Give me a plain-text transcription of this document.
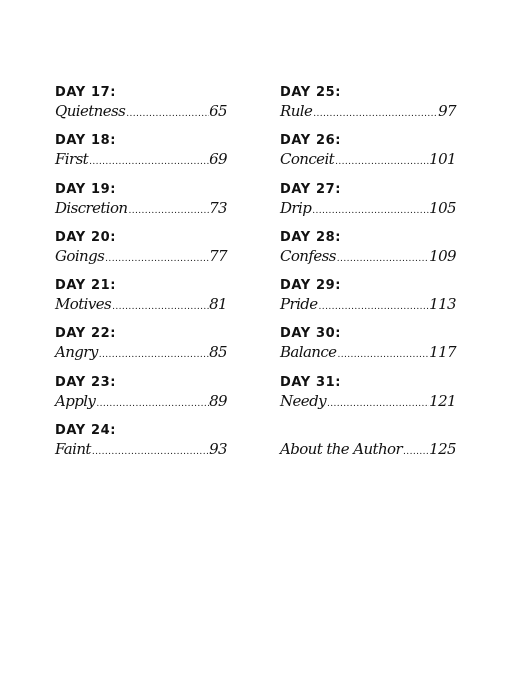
DAY 17:
Quietness .....	65
DAY 18:
First .....	69
DAY 19:
Discretion .....	73
DAY 20:
Goings .....	77
DAY 21:
Motives .....	81
DAY 22:
Angry .....	85
DAY 23:
Apply .....	89
DAY 24:
Faint .....	93
DAY 25:
Rule .....	97
DAY 26:
Conceit .....	101
DAY 27:
Drip .....	105
DAY 28:
Confess .....	109
DAY 29:
Pride .....	113
DAY 30:
Balance .....	117
DAY 31:
Needy .....	121
About the Author ..... 125
